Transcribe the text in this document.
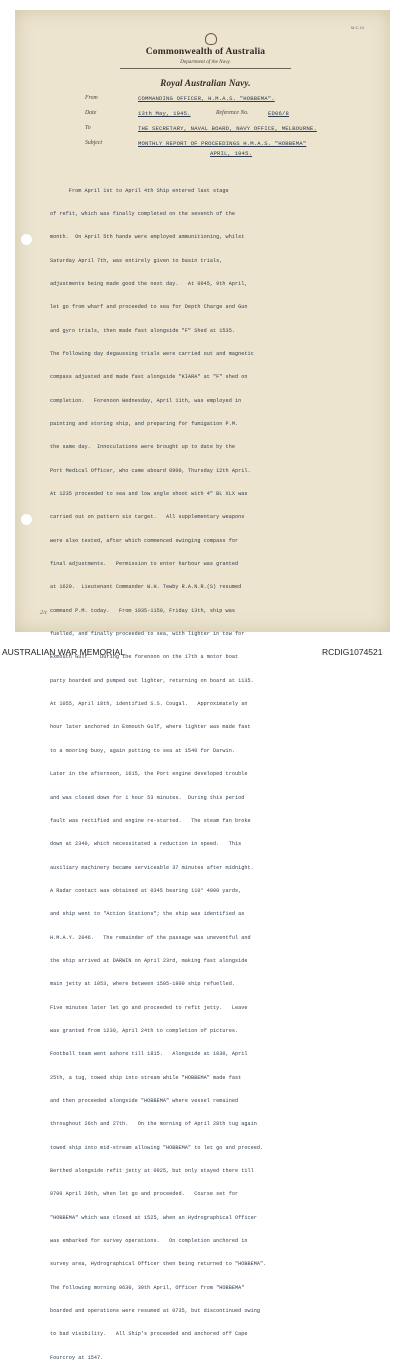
M.C.14
Commonwealth of Australia
Department of the Navy.
Royal Australian Navy.
From	COMMANDING OFFICER, H.M.A.S. "HOBBEMA".
Date	13th May, 1945.	Reference No.	ED06/8
To	THE SECRETARY, NAVAL BOARD, NAVY OFFICE, MELBOURNE.
Subject	MONTHLY REPORT OF PROCEEDINGS H.M.A.S. "HOBBEMA"
APRIL, 1945.

From April 1st to April 4th Ship entered last stage

of refit, which was finally completed on the seventh of the

month.  On April 5th hands were employed ammunitioning, whilst

Saturday April 7th, was entirely given to basin trials,

adjustments being made good the next day.   At 0945, 9th April,

let go from wharf and proceeded to sea for Depth Charge and Gun

and gyro trials, then made fast alongside "F" Shed at 1535.

The following day degaussing trials were carried out and magnetic

compass adjusted and made fast alongside "KIARA" at "F" shed on

completion.   Forenoon Wednesday, April 11th, was employed in

painting and storing ship, and preparing for fumigation P.M.

the same day.  Innoculations were brought up to date by the

Port Medical Officer, who came aboard 0900, Thursday 12th April.

At 1235 proceeded to sea and low angle shoot with 4" BL XLX was

carried out on pattern six target.   All supplementary weapons

were also tested, after which commenced swinging compass for

final adjustments.   Permission to enter harbour was granted

at 1620.  Lieutenant Commander W.H. Tewby R.A.N.R.(S) resumed

command P.M. today.   From 1035-1150, Friday 13th, ship was

fuelled, and finally proceeded to sea, with lighter in tow for

Exmouth Gulf.   During the forenoon on the 17th a motor boat

party boarded and pumped out lighter, returning on board at 1135.

At 1055, April 18th, identified S.S. Cougal.   Approximately an

hour later anchored in Exmouth Gulf, where lighter was made fast

to a mooring buoy, again putting to sea at 1540 for Darwin.

Later in the afternoon, 1615, the Port engine developed trouble

and was closed down for 1 hour 53 minutes.  During this period

fault was rectified and engine re-started.   The steam fan broke

down at 2340, which necessitated a reduction in speed.   This

auxiliary machinery became serviceable 37 minutes after midnight.

A Radar contact was obtained at 0345 bearing 110° 4000 yards,

and ship went to "Action Stations"; the ship was identified as

H.M.A.Y. 2046.   The remainder of the passage was uneventful and

the ship arrived at DARWIN on April 23rd, making fast alongside

main jetty at 1053, where between 1505-1800 ship refuelled.

Five minutes later let go and proceeded to refit jetty.   Leave

was granted from 1230, April 24th to completion of pictures.

Football team went ashore till 1815.   Alongside at 1030, April

25th, a tug, towed ship into stream while "HOBBEMA" made fast

and then proceeded alongside "HOBBEMA" where vessel remained

throughout 26th and 27th.   On the morning of April 28th tug again

towed ship into mid-stream allowing "HOBBEMA" to let go and proceed.

Berthed alongside refit jetty at 0925, but only stayed there till

0700 April 29th, when let go and proceeded.   Course set for

"HOBBEMA" which was closed at 1525, when an Hydrographical Officer

was embarked for survey operations.   On completion anchored in

survey area, Hydrographical Officer then being returned to "HOBBEMA".

The following morning 0630, 30th April, Officer from "HOBBEMA"

boarded and operations were resumed at 0735, but discontinued owing

to bad visibility.   All Ship's proceeded and anchored off Cape

Fourcroy at 1547.

2/c
AUSTRALIAN WAR MEMORIAL	RCDIG1074521
